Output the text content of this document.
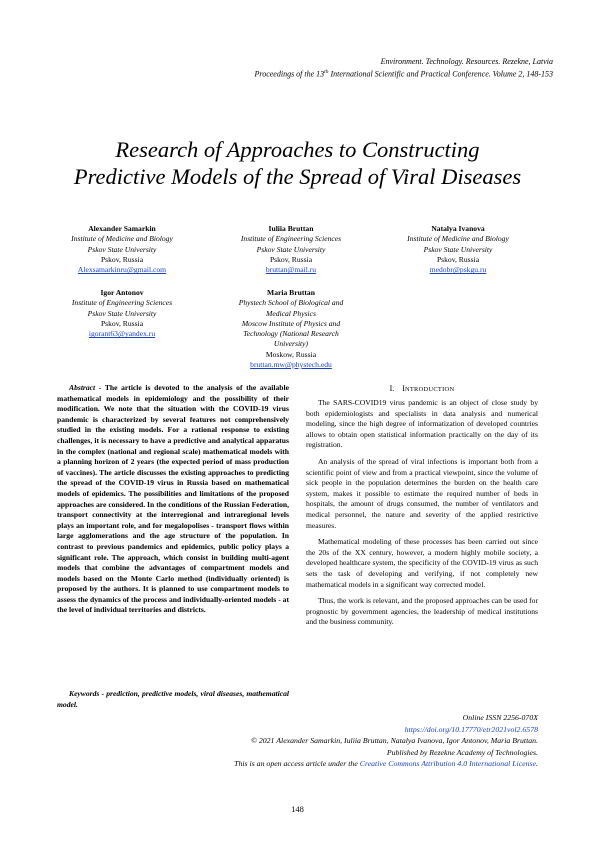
Environment. Technology. Resources. Rezekne, Latvia
Proceedings of the 13th International Scientific and Practical Conference. Volume 2, 148-153
Research of Approaches to Constructing
Predictive Models of the Spread of Viral Diseases
Alexander Samarkin
Institute of Medicine and Biology
Pskov State University
Pskov, Russia
Alexsamarkinru@gmail.com
Iuliia Bruttan
Institute of Engineering Sciences
Pskov State University
Pskov, Russia
bruttan@mail.ru
Natalya Ivanova
Institute of Medicine and Biology
Pskov State University
Pskov, Russia
medobr@pskgu.ru
Igor Antonov
Institute of Engineering Sciences
Pskov State University
Pskov, Russia
igorant63@yandex.ru
Maria Bruttan
Phystech School of Biological and
Medical Physics
Moscow Institute of Physics and
Technology (National Research
University)
Moskow, Russia
bruttan.mw@phystech.edu
Abstract - The article is devoted to the analysis of the available mathematical models in epidemiology and the possibility of their modification. We note that the situation with the COVID-19 virus pandemic is characterized by several features not comprehensively studied in the existing models. For a rational response to existing challenges, it is necessary to have a predictive and analytical apparatus in the complex (national and regional scale) mathematical models with a planning horizon of 2 years (the expected period of mass production of vaccines). The article discusses the existing approaches to predicting the spread of the COVID-19 virus in Russia based on mathematical models of epidemics. The possibilities and limitations of the proposed approaches are considered. In the conditions of the Russian Federation, transport connectivity at the interregional and intraregional levels plays an important role, and for megalopolises - transport flows within large agglomerations and the age structure of the population. In contrast to previous pandemics and epidemics, public policy plays a significant role. The approach, which consist in building multi-agent models that combine the advantages of compartment models and models based on the Monte Carlo method (individually oriented) is proposed by the authors. It is planned to use compartment models to assess the dynamics of the process and individually-oriented models - at the level of individual territories and districts.
Keywords - prediction, predictive models, viral diseases, mathematical model.
I. INTRODUCTION

The SARS-COVID19 virus pandemic is an object of close study by both epidemiologists and specialists in data analysis and numerical modeling, since the high degree of informatization of developed countries allows to obtain open statistical information practically on the day of its registration.

An analysis of the spread of viral infections is important both from a scientific point of view and from a practical viewpoint, since the volume of sick people in the population determines the burden on the health care system, makes it possible to estimate the required number of beds in hospitals, the amount of drugs consumed, the number of ventilators and medical personnel, the nature and severity of the applied restrictive measures.

Mathematical modeling of these processes has been carried out since the 20s of the XX century, however, a modern highly mobile society, a developed healthcare system, the specificity of the COVID-19 virus as such sets the task of developing and verifying, if not completely new mathematical models in a significant way corrected model.

Thus, the work is relevant, and the proposed approaches can be used for prognostic by government agencies, the leadership of medical institutions and the business community.

Online ISSN 2256-070X
https://doi.org/10.17770/etr2021vol2.6578
© 2021 Alexander Samarkin, Iuliia Bruttan, Natalya Ivanova, Igor Antonov, Maria Bruttan.
Published by Rezekne Academy of Technologies.
This is an open access article under the Creative Commons Attribution 4.0 International License.
148
